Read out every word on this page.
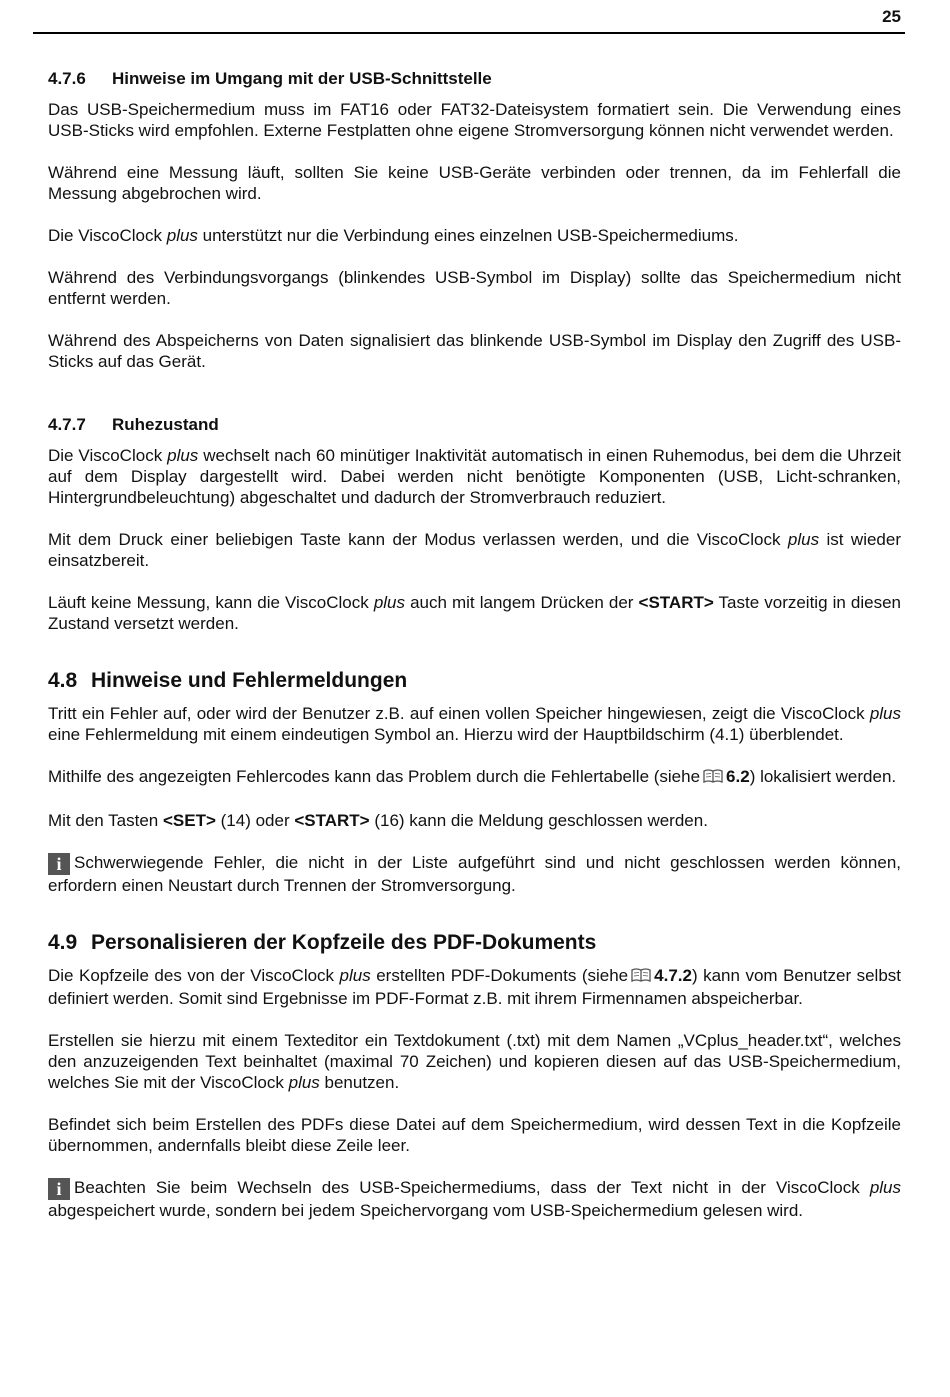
25
4.7.6	Hinweise im Umgang mit der USB-Schnittstelle

Das USB-Speichermedium muss im FAT16 oder FAT32-Dateisystem formatiert sein. Die Verwendung eines USB-Sticks wird empfohlen. Externe Festplatten ohne eigene Stromversorgung können nicht verwendet werden.

Während eine Messung läuft, sollten Sie keine USB-Geräte verbinden oder trennen, da im Fehlerfall die Messung abgebrochen wird.

Die ViscoClock plus unterstützt nur die Verbindung eines einzelnen USB-Speichermediums.

Während des Verbindungsvorgangs (blinkendes USB-Symbol im Display) sollte das Speichermedium nicht entfernt werden.

Während des Abspeicherns von Daten signalisiert das blinkende USB-Symbol im Display den Zugriff des USB-Sticks auf das Gerät.

4.7.7	Ruhezustand

Die ViscoClock plus wechselt nach 60 minütiger Inaktivität automatisch in einen Ruhemodus, bei dem die Uhrzeit auf dem Display dargestellt wird. Dabei werden nicht benötigte Komponenten (USB, Licht-schranken, Hintergrundbeleuchtung) abgeschaltet und dadurch der Stromverbrauch reduziert.

Mit dem Druck einer beliebigen Taste kann der Modus verlassen werden, und die ViscoClock plus ist wieder einsatzbereit.

Läuft keine Messung, kann die ViscoClock plus auch mit langem Drücken der <START> Taste vorzeitig in diesen Zustand versetzt werden.

4.8 Hinweise und Fehlermeldungen

Tritt ein Fehler auf, oder wird der Benutzer z.B. auf einen vollen Speicher hingewiesen, zeigt die ViscoClock plus eine Fehlermeldung mit einem eindeutigen Symbol an. Hierzu wird der Hauptbildschirm (4.1) überblendet.

Mithilfe des angezeigten Fehlercodes kann das Problem durch die Fehlertabelle (siehe 6.2) lokalisiert werden.

Mit den Tasten <SET> (14) oder <START> (16) kann die Meldung geschlossen werden.

i Schwerwiegende Fehler, die nicht in der Liste aufgeführt sind und nicht geschlossen werden können, erfordern einen Neustart durch Trennen der Stromversorgung.

4.9 Personalisieren der Kopfzeile des PDF-Dokuments

Die Kopfzeile des von der ViscoClock plus erstellten PDF-Dokuments (siehe 4.7.2) kann vom Benutzer selbst definiert werden. Somit sind Ergebnisse im PDF-Format z.B. mit ihrem Firmennamen abspeicherbar.

Erstellen sie hierzu mit einem Texteditor ein Textdokument (.txt) mit dem Namen „VCplus_header.txt“, welches den anzuzeigenden Text beinhaltet (maximal 70 Zeichen) und kopieren diesen auf das USB-Speichermedium, welches Sie mit der ViscoClock plus benutzen.

Befindet sich beim Erstellen des PDFs diese Datei auf dem Speichermedium, wird dessen Text in die Kopfzeile übernommen, andernfalls bleibt diese Zeile leer.

i Beachten Sie beim Wechseln des USB-Speichermediums, dass der Text nicht in der ViscoClock plus abgespeichert wurde, sondern bei jedem Speichervorgang vom USB-Speichermedium gelesen wird.
